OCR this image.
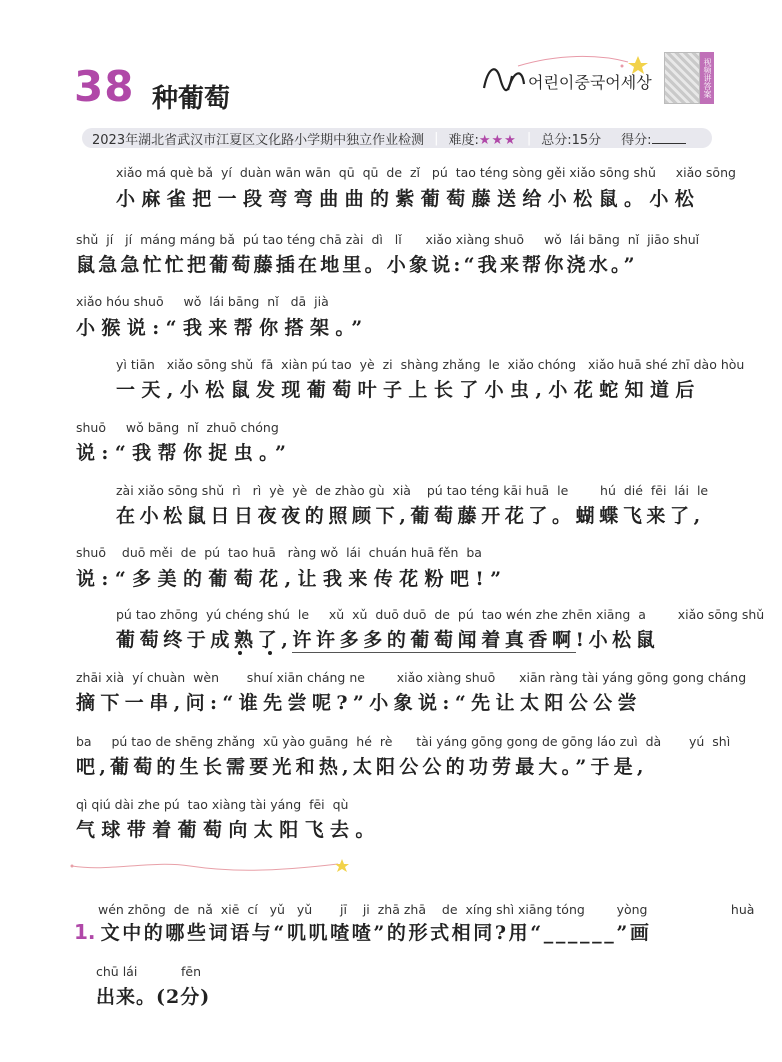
38 种葡萄
어린이중국어세상	视频讲答案
2023年湖北省武汉市江夏区文化路小学期中独立作业检测 | 难度:★★★ | 总分:15分	得分:
xiǎo má què bǎ  yí  duàn wān wān  qū  qū  de  zǐ   pú  tao téng sòng gěi xiǎo sōng shǔ     xiǎo sōng
小麻雀把一段弯弯曲曲的紫葡萄藤送给小松鼠。小松
shǔ  jí   jí  máng máng bǎ  pú tao téng chā zài  dì   lǐ      xiǎo xiàng shuō     wǒ  lái bāng  nǐ  jiāo shuǐ
鼠急急忙忙把葡萄藤插在地里。小象说:“我来帮你浇水。”
xiǎo hóu shuō     wǒ  lái bāng  nǐ   dā  jià
小猴说:“我来帮你搭架。”
yì tiān   xiǎo sōng shǔ  fā  xiàn pú tao  yè  zi  shàng zhǎng  le  xiǎo chóng   xiǎo huā shé zhī dào hòu
一天,小松鼠发现葡萄叶子上长了小虫,小花蛇知道后
shuō     wǒ bāng  nǐ  zhuō chóng
说:“我帮你捉虫。”
zài xiǎo sōng shǔ  rì   rì  yè  yè  de zhào gù  xià    pú tao téng kāi huā  le        hú  dié  fēi  lái  le
在小松鼠日日夜夜的照顾下,葡萄藤开花了。蝴蝶飞来了,
shuō    duō měi  de  pú  tao huā   ràng wǒ  lái  chuán huā fěn  ba
说:“多美的葡萄花,让我来传花粉吧!”
pú tao zhōng  yú chéng shú  le     xǔ  xǔ  duō duō  de  pú  tao wén zhe zhēn xiāng  a        xiǎo sōng shǔ
葡萄终于成熟了,许许多多的葡萄闻着真香啊!小松鼠
zhāi xià  yí chuàn  wèn       shuí xiān cháng ne        xiǎo xiàng shuō      xiān ràng tài yáng gōng gong cháng
摘下一串,问:“谁先尝呢?”小象说:“先让太阳公公尝
ba     pú tao de shēng zhǎng  xū yào guāng  hé  rè      tài yáng gōng gong de gōng láo zuì  dà       yú  shì
吧,葡萄的生长需要光和热,太阳公公的功劳最大。”于是,
qì qiú dài zhe pú  tao xiàng tài yáng  fēi  qù
气球带着葡萄向太阳飞去。
wén zhōng  de  nǎ  xiē  cí   yǔ   yǔ       jī    ji  zhā zhā    de  xíng shì xiāng tóng        yòng                     huà
1. 文中的哪些词语与“叽叽喳喳”的形式相同?用“______”画
chū lái           fēn
出来。(2分)
